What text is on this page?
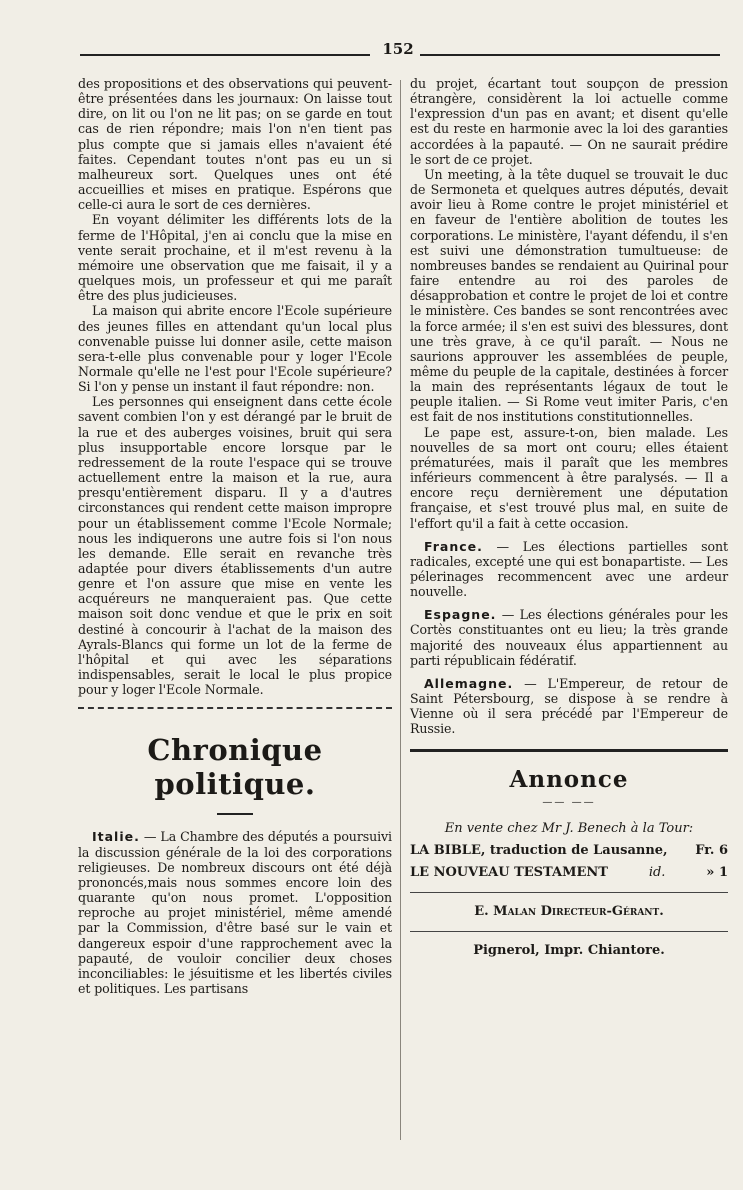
152

des propositions et des observations qui peuvent-être présentées dans les journaux: On laisse tout dire, on lit ou l'on ne lit pas; on se garde en tout cas de rien répondre; mais l'on n'en tient pas plus compte que si jamais elles n'avaient été faites. Cependant toutes n'ont pas eu un si malheureux sort. Quelques unes ont été accueillies et mises en pratique. Espérons que celle-ci aura le sort de ces dernières.

En voyant délimiter les différents lots de la ferme de l'Hôpital, j'en ai conclu que la mise en vente serait prochaine, et il m'est revenu à la mémoire une observation que me faisait, il y a quelques mois, un professeur et qui me paraît être des plus judicieuses.

La maison qui abrite encore l'Ecole supérieure des jeunes filles en attendant qu'un local plus convenable puisse lui donner asile, cette maison sera-t-elle plus convenable pour y loger l'Ecole Normale qu'elle ne l'est pour l'Ecole supérieure? Si l'on y pense un instant il faut répondre: non.

Les personnes qui enseignent dans cette école savent combien l'on y est dérangé par le bruit de la rue et des auberges voisines, bruit qui sera plus insupportable encore lorsque par le redressement de la route l'espace qui se trouve actuellement entre la maison et la rue, aura presqu'entièrement disparu. Il y a d'autres circonstances qui rendent cette maison impropre pour un établissement comme l'Ecole Normale; nous les indiquerons une autre fois si l'on nous les demande. Elle serait en revanche très adaptée pour divers établissements d'un autre genre et l'on assure que mise en vente les acquéreurs ne manqueraient pas. Que cette maison soit donc vendue et que le prix en soit destiné à concourir à l'achat de la maison des Ayrals-Blancs qui forme un lot de la ferme de l'hôpital et qui avec les séparations indispensables, serait le local le plus propice pour y loger l'Ecole Normale.

Chronique politique.

Italie. — La Chambre des députés a poursuivi la discussion générale de la loi des corporations religieuses. De nombreux discours ont été déjà prononcés,mais nous sommes encore loin des quarante qu'on nous promet. L'opposition reproche au projet ministériel, même amendé par la Commission, d'être basé sur le vain et dangereux espoir d'une rapprochement avec la papauté, de vouloir concilier deux choses inconciliables: le jésuitisme et les libertés civiles et politiques. Les partisans

du projet, écartant tout soupçon de pression étrangère, considèrent la loi actuelle comme l'expression d'un pas en avant; et disent qu'elle est du reste en harmonie avec la loi des garanties accordées à la papauté. — On ne saurait prédire le sort de ce projet.

Un meeting, à la tête duquel se trouvait le duc de Sermoneta et quelques autres députés, devait avoir lieu à Rome contre le projet ministériel et en faveur de l'entière abolition de toutes les corporations. Le ministère, l'ayant défendu, il s'en est suivi une démonstration tumultueuse: de nombreuses bandes se rendaient au Quirinal pour faire entendre au roi des paroles de désapprobation et contre le projet de loi et contre le ministère. Ces bandes se sont rencontrées avec la force armée; il s'en est suivi des blessures, dont une très grave, à ce qu'il paraît. — Nous ne saurions approuver les assemblées de peuple, même du peuple de la capitale, destinées à forcer la main des représentants légaux de tout le peuple italien. — Si Rome veut imiter Paris, c'en est fait de nos institutions constitutionnelles.

Le pape est, assure-t-on, bien malade. Les nouvelles de sa mort ont couru; elles étaient prématurées, mais il paraît que les membres inférieurs commencent à être paralysés. — Il a encore reçu dernièrement une députation française, et s'est trouvé plus mal, en suite de l'effort qu'il a fait à cette occasion.

France. — Les élections partielles sont radicales, excepté une qui est bonapartiste. — Les pélerinages recommencent avec une ardeur nouvelle.

Espagne. — Les élections générales pour les Cortès constituantes ont eu lieu; la très grande majorité des nouveaux élus appartiennent au parti républicain fédératif.

Allemagne. — L'Empereur, de retour de Saint Pétersbourg, se dispose à se rendre à Vienne où il sera précédé par l'Empereur de Russie.

Annonce
—— ——
En vente chez Mr J. Benech à la Tour:
LA BIBLE, traduction de Lausanne, Fr. 6
LE NOUVEAU TESTAMENT	id.	» 1
E. Malan Directeur-Gérant.
Pignerol, Impr. Chiantore.
